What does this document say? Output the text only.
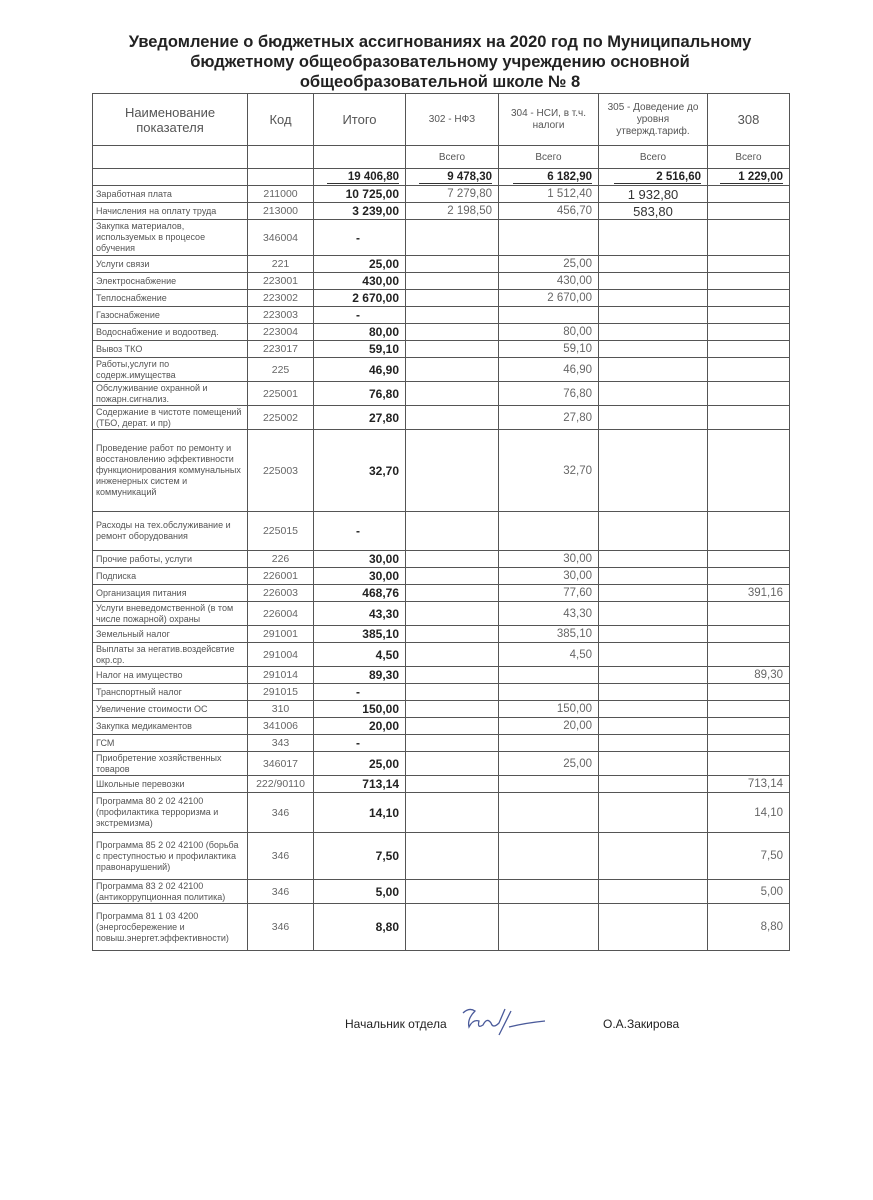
Уведомление о бюджетных ассигнованиях на 2020 год по Муниципальному
бюджетному общеобразовательному учреждению основной
общеобразовательной школе № 8
Наименование показателя	Код	Итого	302 - НФЗ	304 - НСИ, в т.ч. налоги	305 - Доведение до уровня утвержд.тариф.	308
			Всего	Всего	Всего	Всего
		19 406,80	9 478,30	6 182,90	2 516,60	1 229,00
Заработная плата	211000	10 725,00	7 279,80	1 512,40	1 932,80	
Начисления на оплату труда	213000	3 239,00	2 198,50	456,70	583,80	
Закупка материалов, используемых в процесое обучения	346004	-				
Услуги связи	221	25,00		25,00		
Электроснабжение	223001	430,00		430,00		
Теплоснабжение	223002	2 670,00		2 670,00		
Газоснабжение	223003	-				
Водоснабжение и водоотвед.	223004	80,00		80,00		
Вывоз ТКО	223017	59,10		59,10		
Работы,услуги по содерж.имущества	225	46,90		46,90		
Обслуживание охранной и пожарн.сигнализ.	225001	76,80		76,80		
Содержание в чистоте помещений (ТБО, дерат. и пр)	225002	27,80		27,80		
Проведение работ по ремонту и восстановлению эффективности функционирования коммунальных инженерных систем и коммуникаций	225003	32,70		32,70		
Расходы на тех.обслуживание и ремонт оборудования	225015	-				
Прочие работы, услуги	226	30,00		30,00		
Подписка	226001	30,00		30,00		
Организация питания	226003	468,76		77,60		391,16
Услуги вневедомственной (в том числе пожарной) охраны	226004	43,30		43,30		
Земельный налог	291001	385,10		385,10		
Выплаты за негатив.воздейсвтие окр.ср.	291004	4,50		4,50		
Налог на имущество	291014	89,30				89,30
Транспортный налог	291015	-				
Увеличение стоимости ОС	310	150,00		150,00		
Закупка медикаментов	341006	20,00		20,00		
ГСМ	343	-				
Приобретение хозяйственных товаров	346017	25,00		25,00		
Школьные перевозки	222/90110	713,14				713,14
Программа 80 2 02 42100 (профилактика терроризма и экстремизма)	346	14,10				14,10
Программа 85 2 02 42100 (борьба с преступностью и профилактика правонарушений)	346	7,50				7,50
Программа 83 2 02 42100 (антикоррупционная политика)	346	5,00				5,00
Программа 81 1 03 4200 (энергосбережение и повыш.энергет.эффективности)	346	8,80				8,80
Начальник отдела	О.А.Закирова
